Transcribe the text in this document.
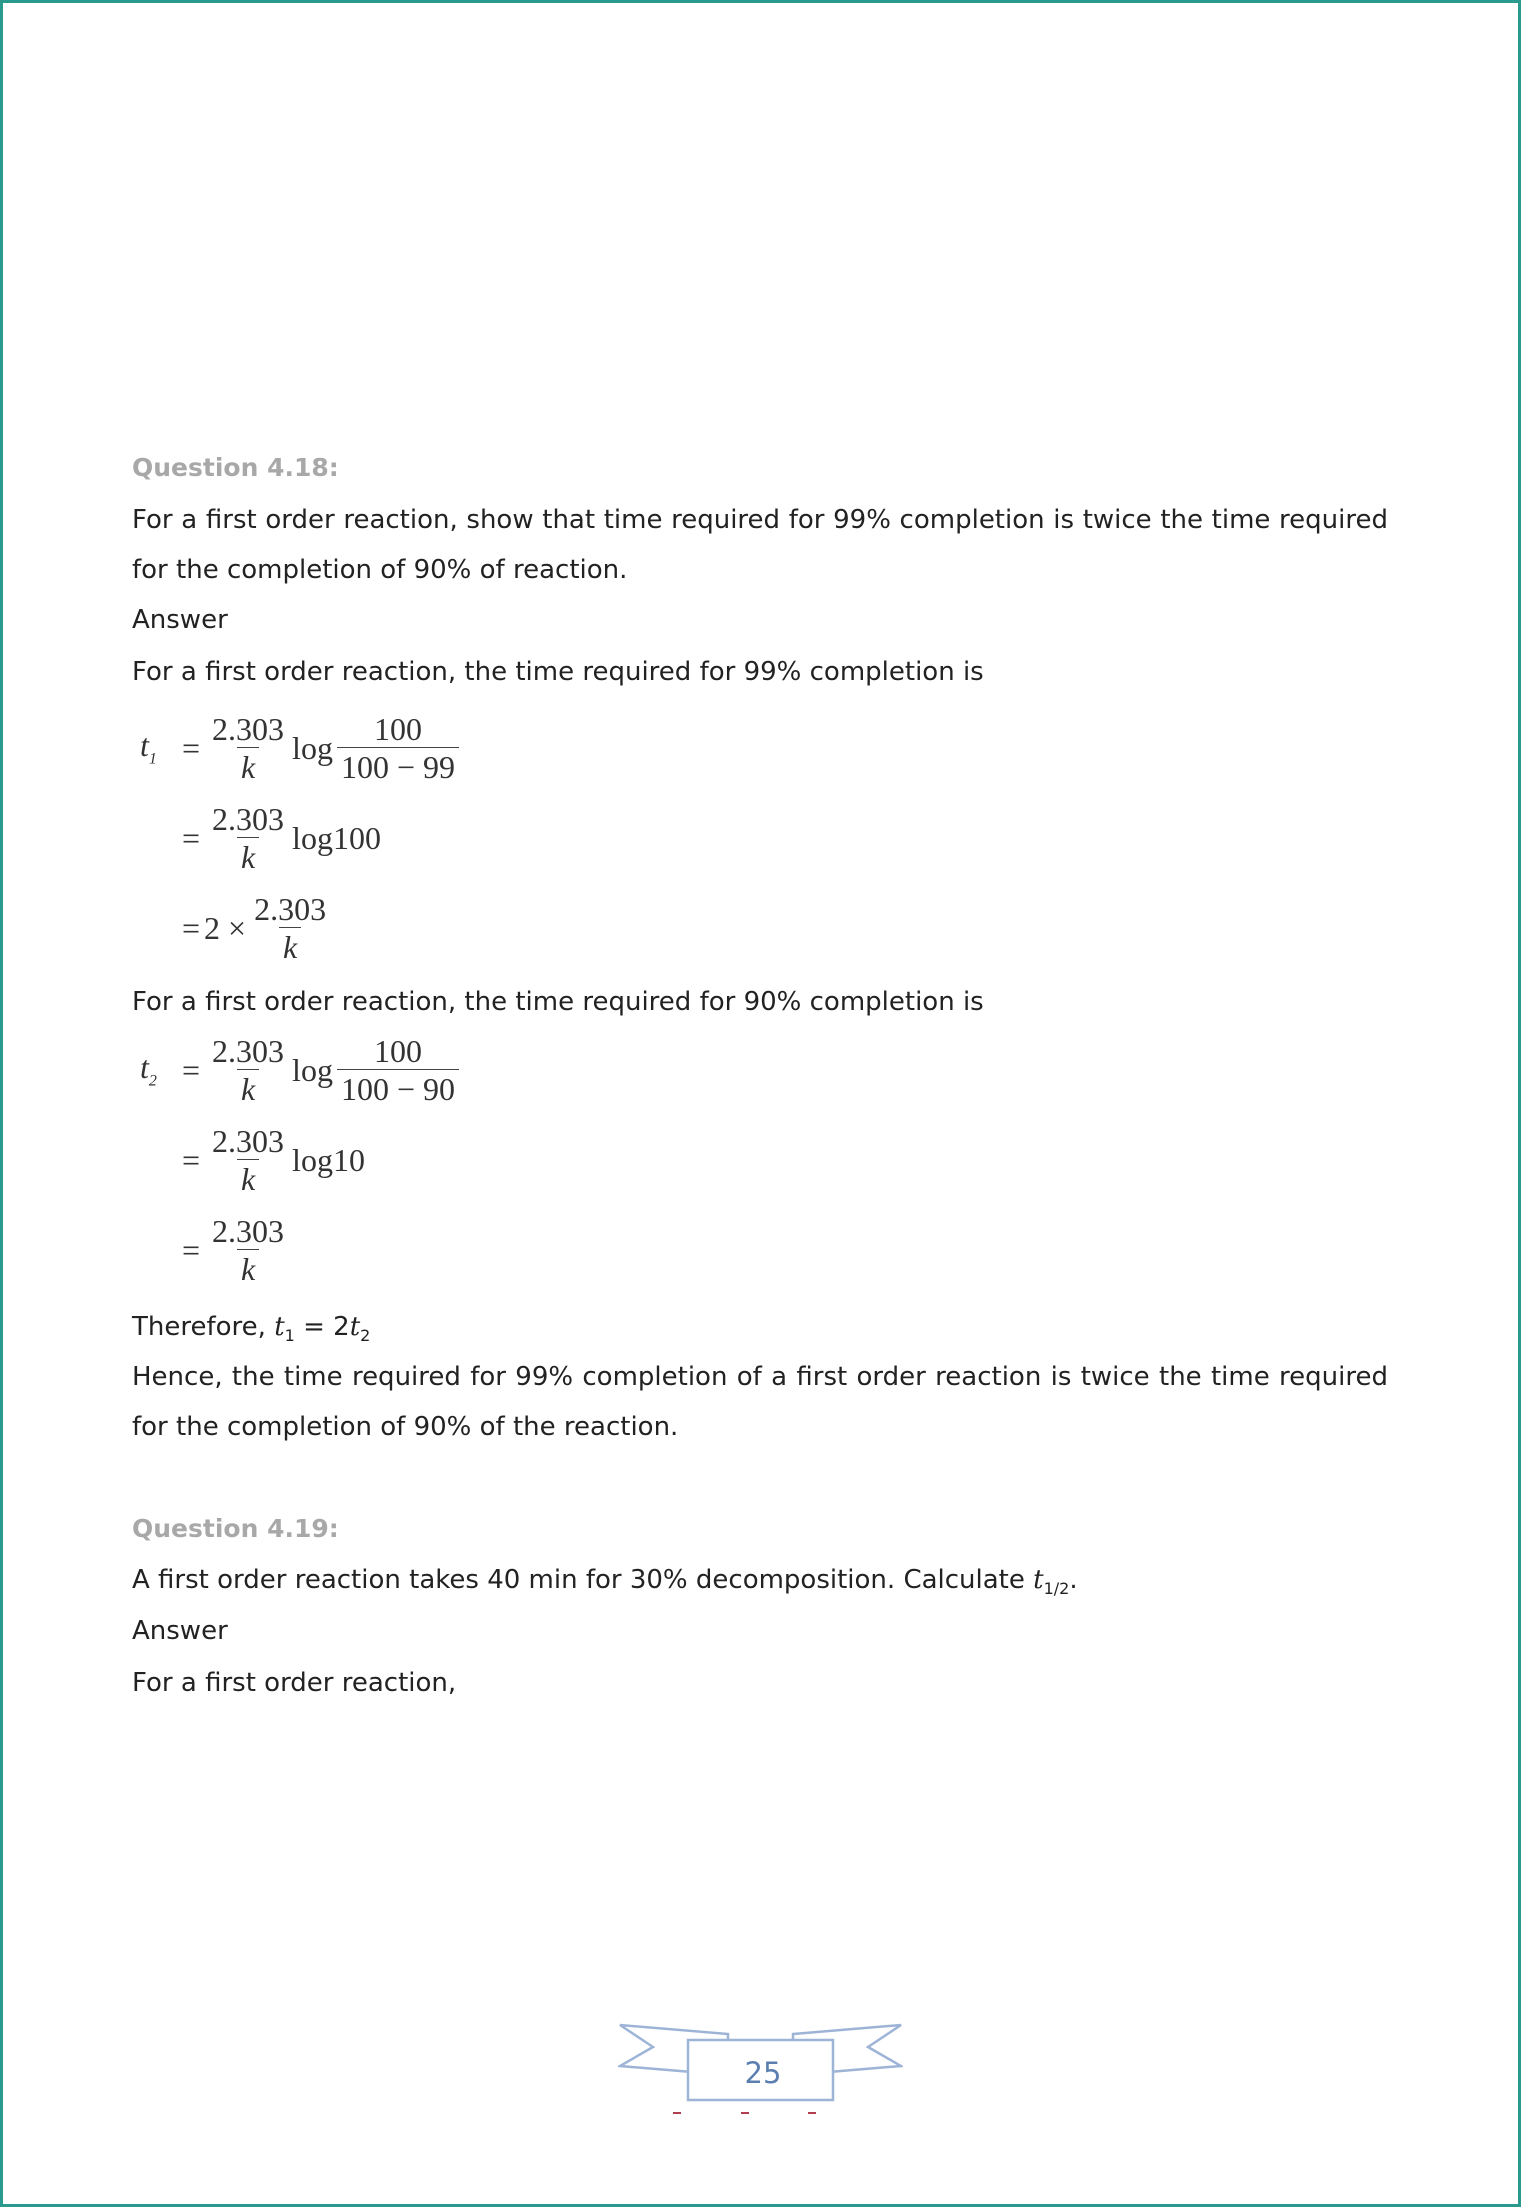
Question 4.18:

For a first order reaction, show that time required for 99% completion is twice the time required for the completion of 90% of reaction.

Answer

For a first order reaction, the time required for 99% completion is

$t_1 = \frac{2.303}{k}$ $\log \frac{100}{100 - 99}$
= $\frac{2.303}{k} \log 100$
= $2 \times \frac{2.303}{k}$

For a first order reaction, the time required for 90% completion is

$t_2 = \frac{2.303}{k}$ $\log \frac{100}{100 - 90}$
= $\frac{2.303}{k} \log 10$
= $\frac{2.303}{k}$

Therefore, $t_1 = 2t_2$

Hence, the time required for 99% completion of a first order reaction is twice the time required for the completion of 90% of the reaction.

Question 4.19:

A first order reaction takes 40 min for 30% decomposition. Calculate $t_{1/2}$.

Answer

For a first order reaction,

25
